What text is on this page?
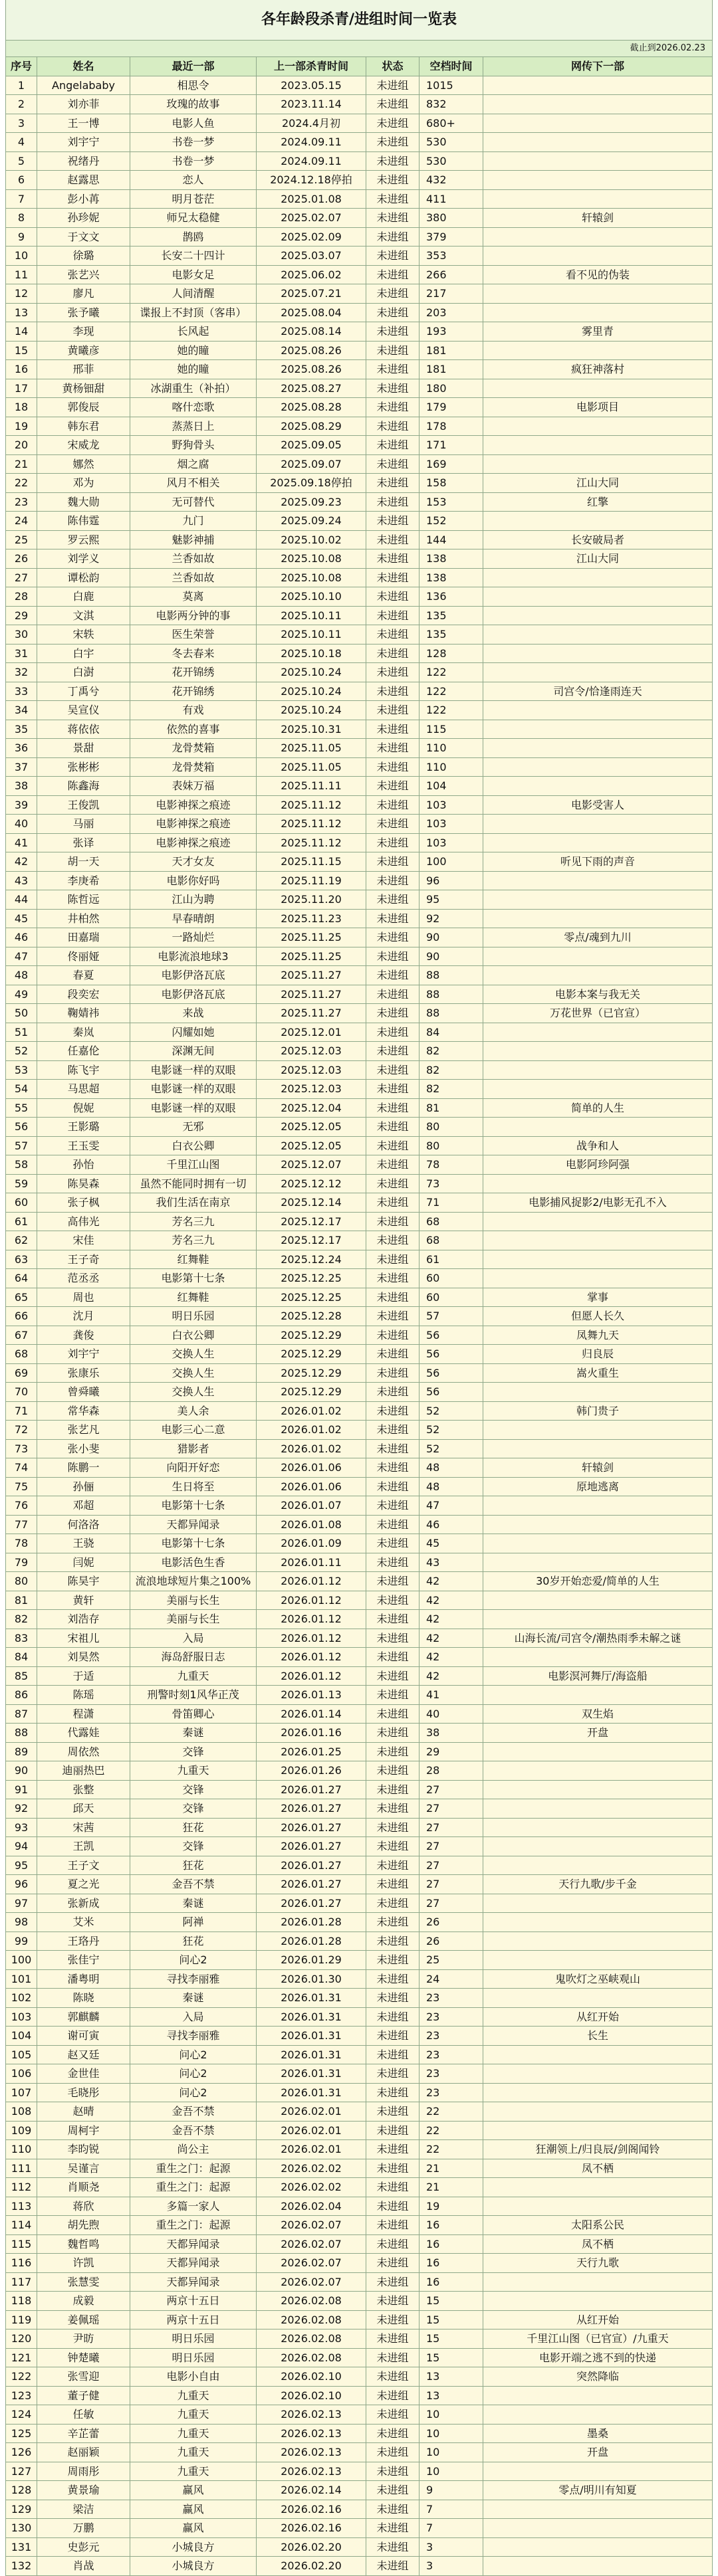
各年龄段杀青/进组时间一览表
截止到2026.02.23
序号	姓名	最近一部	上一部杀青时间	状态	空档时间	网传下一部
1	Angelababy	相思令	2023.05.15	未进组	1015
2	刘亦菲	玫瑰的故事	2023.11.14	未进组	832
3	王一博	电影人鱼	2024.4月初	未进组	680+
4	刘宇宁	书卷一梦	2024.09.11	未进组	530
5	祝绪丹	书卷一梦	2024.09.11	未进组	530
6	赵露思	恋人	2024.12.18停拍	未进组	432
7	彭小苒	明月苍茫	2025.01.08	未进组	411
8	孙珍妮	师兄太稳健	2025.02.07	未进组	380	轩辕剑
9	于文文	鹊鸥	2025.02.09	未进组	379
10	徐璐	长安二十四计	2025.03.07	未进组	353
11	张艺兴	电影女足	2025.06.02	未进组	266	看不见的伪装
12	廖凡	人间清醒	2025.07.21	未进组	217
13	张予曦	谍报上不封顶（客串）	2025.08.04	未进组	203
14	李现	长风起	2025.08.14	未进组	193	雾里青
15	黄曦彦	她的瞳	2025.08.26	未进组	181
16	邢菲	她的瞳	2025.08.26	未进组	181	疯狂神落村
17	黄杨钿甜	冰湖重生（补拍）	2025.08.27	未进组	180
18	郭俊辰	喀什恋歌	2025.08.28	未进组	179	电影项目
19	韩东君	蒸蒸日上	2025.08.29	未进组	178
20	宋威龙	野狗骨头	2025.09.05	未进组	171
21	娜然	烟之腐	2025.09.07	未进组	169
22	邓为	风月不相关	2025.09.18停拍	未进组	158	江山大同
23	魏大勋	无可替代	2025.09.23	未进组	153	红擎
24	陈伟霆	九门	2025.09.24	未进组	152
25	罗云熙	魅影神捕	2025.10.02	未进组	144	长安破局者
26	刘学义	兰香如故	2025.10.08	未进组	138	江山大同
27	谭松韵	兰香如故	2025.10.08	未进组	138
28	白鹿	莫离	2025.10.10	未进组	136
29	文淇	电影两分钟的事	2025.10.11	未进组	135
30	宋轶	医生荣誉	2025.10.11	未进组	135
31	白宇	冬去春来	2025.10.18	未进组	128
32	白澍	花开锦绣	2025.10.24	未进组	122
33	丁禹兮	花开锦绣	2025.10.24	未进组	122	司宫令/恰逢雨连天
34	吴宣仪	有戏	2025.10.24	未进组	122
35	蒋依依	依然的喜事	2025.10.31	未进组	115
36	景甜	龙骨焚箱	2025.11.05	未进组	110
37	张彬彬	龙骨焚箱	2025.11.05	未进组	110
38	陈鑫海	表妹万福	2025.11.11	未进组	104
39	王俊凯	电影神探之痕迹	2025.11.12	未进组	103	电影受害人
40	马丽	电影神探之痕迹	2025.11.12	未进组	103
41	张译	电影神探之痕迹	2025.11.12	未进组	103
42	胡一天	天才女友	2025.11.15	未进组	100	听见下雨的声音
43	李庚希	电影你好吗	2025.11.19	未进组	96
44	陈哲远	江山为聘	2025.11.20	未进组	95
45	井柏然	早春晴朗	2025.11.23	未进组	92
46	田嘉瑞	一路灿烂	2025.11.25	未进组	90	零点/魂到九川
47	佟丽娅	电影流浪地球3	2025.11.25	未进组	90
48	春夏	电影伊洛瓦底	2025.11.27	未进组	88
49	段奕宏	电影伊洛瓦底	2025.11.27	未进组	88	电影本案与我无关
50	鞠婧祎	来战	2025.11.27	未进组	88	万花世界（已官宣）
51	秦岚	闪耀如她	2025.12.01	未进组	84
52	任嘉伦	深渊无间	2025.12.03	未进组	82
53	陈飞宇	电影谜一样的双眼	2025.12.03	未进组	82
54	马思超	电影谜一样的双眼	2025.12.03	未进组	82
55	倪妮	电影谜一样的双眼	2025.12.04	未进组	81	简单的人生
56	王影璐	无邪	2025.12.05	未进组	80
57	王玉雯	白衣公卿	2025.12.05	未进组	80	战争和人
58	孙怡	千里江山图	2025.12.07	未进组	78	电影阿珍阿强
59	陈昊森	虽然不能同时拥有一切	2025.12.12	未进组	73
60	张子枫	我们生活在南京	2025.12.14	未进组	71	电影捕风捉影2/电影无孔不入
61	高伟光	芳名三九	2025.12.17	未进组	68
62	宋佳	芳名三九	2025.12.17	未进组	68
63	王子奇	红舞鞋	2025.12.24	未进组	61
64	范丞丞	电影第十七条	2025.12.25	未进组	60
65	周也	红舞鞋	2025.12.25	未进组	60	掌事
66	沈月	明日乐园	2025.12.28	未进组	57	但愿人长久
67	龚俊	白衣公卿	2025.12.29	未进组	56	凤舞九天
68	刘宇宁	交换人生	2025.12.29	未进组	56	归良辰
69	张康乐	交换人生	2025.12.29	未进组	56	嵩火重生
70	曾舜曦	交换人生	2025.12.29	未进组	56
71	常华森	美人余	2026.01.02	未进组	52	韩门贵子
72	张艺凡	电影三心二意	2026.01.02	未进组	52
73	张小斐	猎影者	2026.01.02	未进组	52
74	陈鹏一	向阳开好恋	2026.01.06	未进组	48	轩辕剑
75	孙俪	生日将至	2026.01.06	未进组	48	原地逃离
76	邓超	电影第十七条	2026.01.07	未进组	47
77	何洛洛	天都异闻录	2026.01.08	未进组	46
78	王骁	电影第十七条	2026.01.09	未进组	45
79	闫妮	电影活色生香	2026.01.11	未进组	43
80	陈昊宇	流浪地球短片集之100%	2026.01.12	未进组	42	30岁开始恋爱/简单的人生
81	黄轩	美丽与长生	2026.01.12	未进组	42
82	刘浩存	美丽与长生	2026.01.12	未进组	42
83	宋祖儿	入局	2026.01.12	未进组	42	山海长流/司宫令/潮热雨季未解之谜
84	刘昊然	海岛舒服日志	2026.01.12	未进组	42
85	于适	九重天	2026.01.12	未进组	42	电影溟河舞厅/海盗船
86	陈瑶	刑警时刻1风华正茂	2026.01.13	未进组	41
87	程潇	骨笛卿心	2026.01.14	未进组	40	双生焰
88	代露娃	秦谜	2026.01.16	未进组	38	开盘
89	周依然	交锋	2026.01.25	未进组	29
90	迪丽热巴	九重天	2026.01.26	未进组	28
91	张整	交锋	2026.01.27	未进组	27
92	邱天	交锋	2026.01.27	未进组	27
93	宋茜	狂花	2026.01.27	未进组	27
94	王凯	交锋	2026.01.27	未进组	27
95	王子文	狂花	2026.01.27	未进组	27
96	夏之光	金吾不禁	2026.01.27	未进组	27	天行九歌/步千金
97	张新成	秦谜	2026.01.27	未进组	27
98	艾米	阿禅	2026.01.28	未进组	26
99	王珞丹	狂花	2026.01.28	未进组	26
100	张佳宁	问心2	2026.01.29	未进组	25
101	潘粤明	寻找李丽雅	2026.01.30	未进组	24	鬼吹灯之巫峡观山
102	陈晓	秦谜	2026.01.31	未进组	23
103	郭麒麟	入局	2026.01.31	未进组	23	从红开始
104	谢可寅	寻找李丽雅	2026.01.31	未进组	23	长生
105	赵又廷	问心2	2026.01.31	未进组	23
106	金世佳	问心2	2026.01.31	未进组	23
107	毛晓彤	问心2	2026.01.31	未进组	23
108	赵晴	金吾不禁	2026.02.01	未进组	22
109	周柯宇	金吾不禁	2026.02.01	未进组	22
110	李昀锐	尚公主	2026.02.01	未进组	22	狂潮领上/归良辰/剑阁闻铃
111	吴谨言	重生之门：起源	2026.02.02	未进组	21	凤不栖
112	肖顺尧	重生之门：起源	2026.02.02	未进组	21
113	蒋欣	多篇一家人	2026.02.04	未进组	19
114	胡先煦	重生之门：起源	2026.02.07	未进组	16	太阳系公民
115	魏哲鸣	天都异闻录	2026.02.07	未进组	16	凤不栖
116	许凯	天都异闻录	2026.02.07	未进组	16	天行九歌
117	张慧雯	天都异闻录	2026.02.07	未进组	16
118	成毅	两京十五日	2026.02.08	未进组	15
119	姜佩瑶	两京十五日	2026.02.08	未进组	15	从红开始
120	尹昉	明日乐园	2026.02.08	未进组	15	千里江山图（已官宣）/九重天
121	钟楚曦	明日乐园	2026.02.08	未进组	15	电影开端之逃不到的快递
122	张雪迎	电影小自由	2026.02.10	未进组	13	突然降临
123	董子健	九重天	2026.02.10	未进组	13
124	任敏	九重天	2026.02.13	未进组	10
125	辛芷蕾	九重天	2026.02.13	未进组	10	墨桑
126	赵丽颖	九重天	2026.02.13	未进组	10	开盘
127	周雨彤	九重天	2026.02.13	未进组	10
128	黄景瑜	赢风	2026.02.14	未进组	9	零点/明川有知夏
129	梁洁	赢风	2026.02.16	未进组	7
130	万鹏	赢风	2026.02.16	未进组	7
131	史彭元	小城良方	2026.02.20	未进组	3
132	肖战	小城良方	2026.02.20	未进组	3
